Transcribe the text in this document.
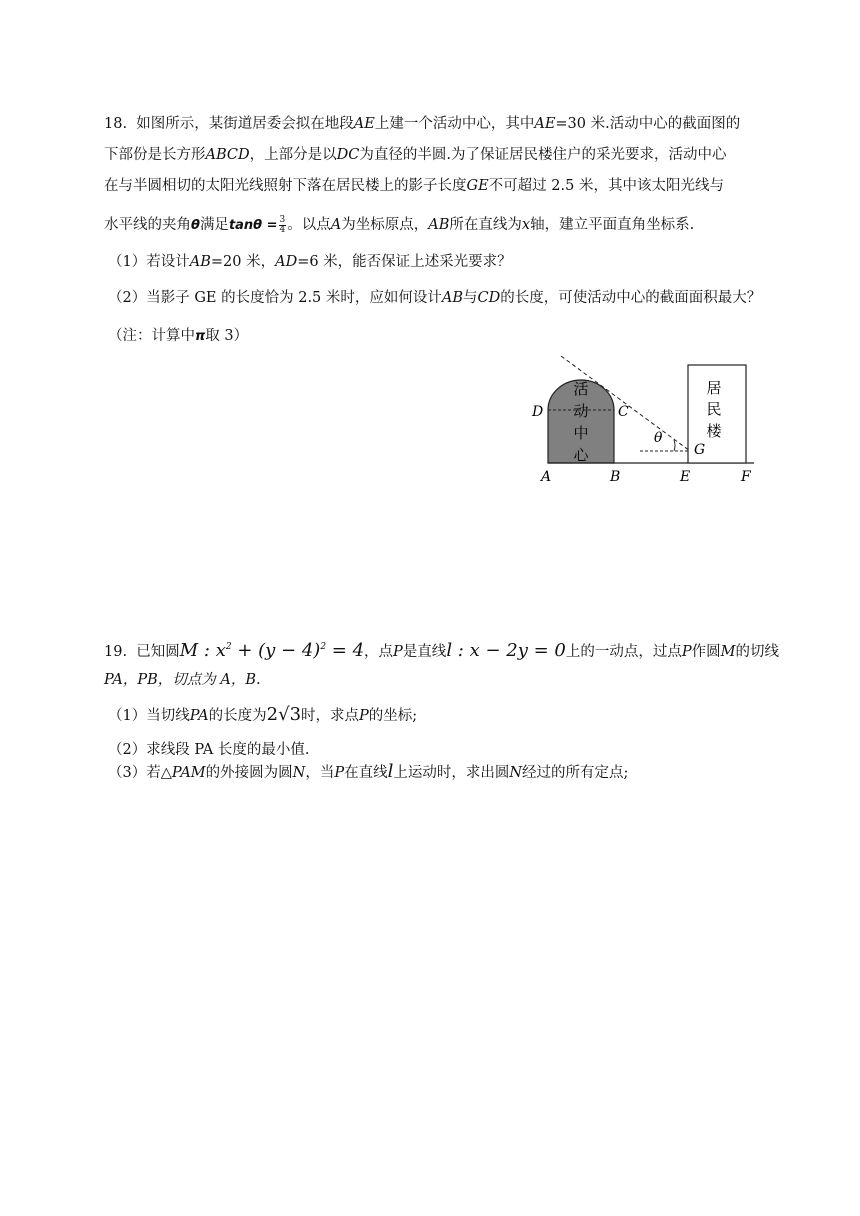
18. 如图所示，某街道居委会拟在地段AE上建一个活动中心，其中AE=30 米.活动中心的截面图的
下部份是长方形ABCD，上部分是以DC为直径的半圆.为了保证居民楼住户的采光要求，活动中心
在与半圆相切的太阳光线照射下落在居民楼上的影子长度GE不可超过 2.5 米，其中该太阳光线与
水平线的夹角θ满足$\tan\theta = \frac{3}{4}$ 。以点A为坐标原点，AB所在直线为x轴，建立平面直角坐标系.
（1）若设计AB=20 米，AD=6 米，能否保证上述采光要求？
（2）当影子 GE 的长度恰为 2.5 米时，应如何设计AB与CD的长度，可使活动中心的截面面积最大？
（注：计算中π取 3）
活
动
中
心
居
民
楼
D	C
θ
G
A	B	E	F
19. 已知圆M : $x^2 + (y - 4)^2 = 4$，点P是直线l : x − 2y = 0上的一动点，过点P作圆M的切线
PA，PB，切点为 A，B.
（1）当切线PA的长度为2√3时，求点P的坐标;
（2）求线段 PA 长度的最小值.
（3）若△PAM的外接圆为圆N，当P在直线l上运动时，求出圆N经过的所有定点;
